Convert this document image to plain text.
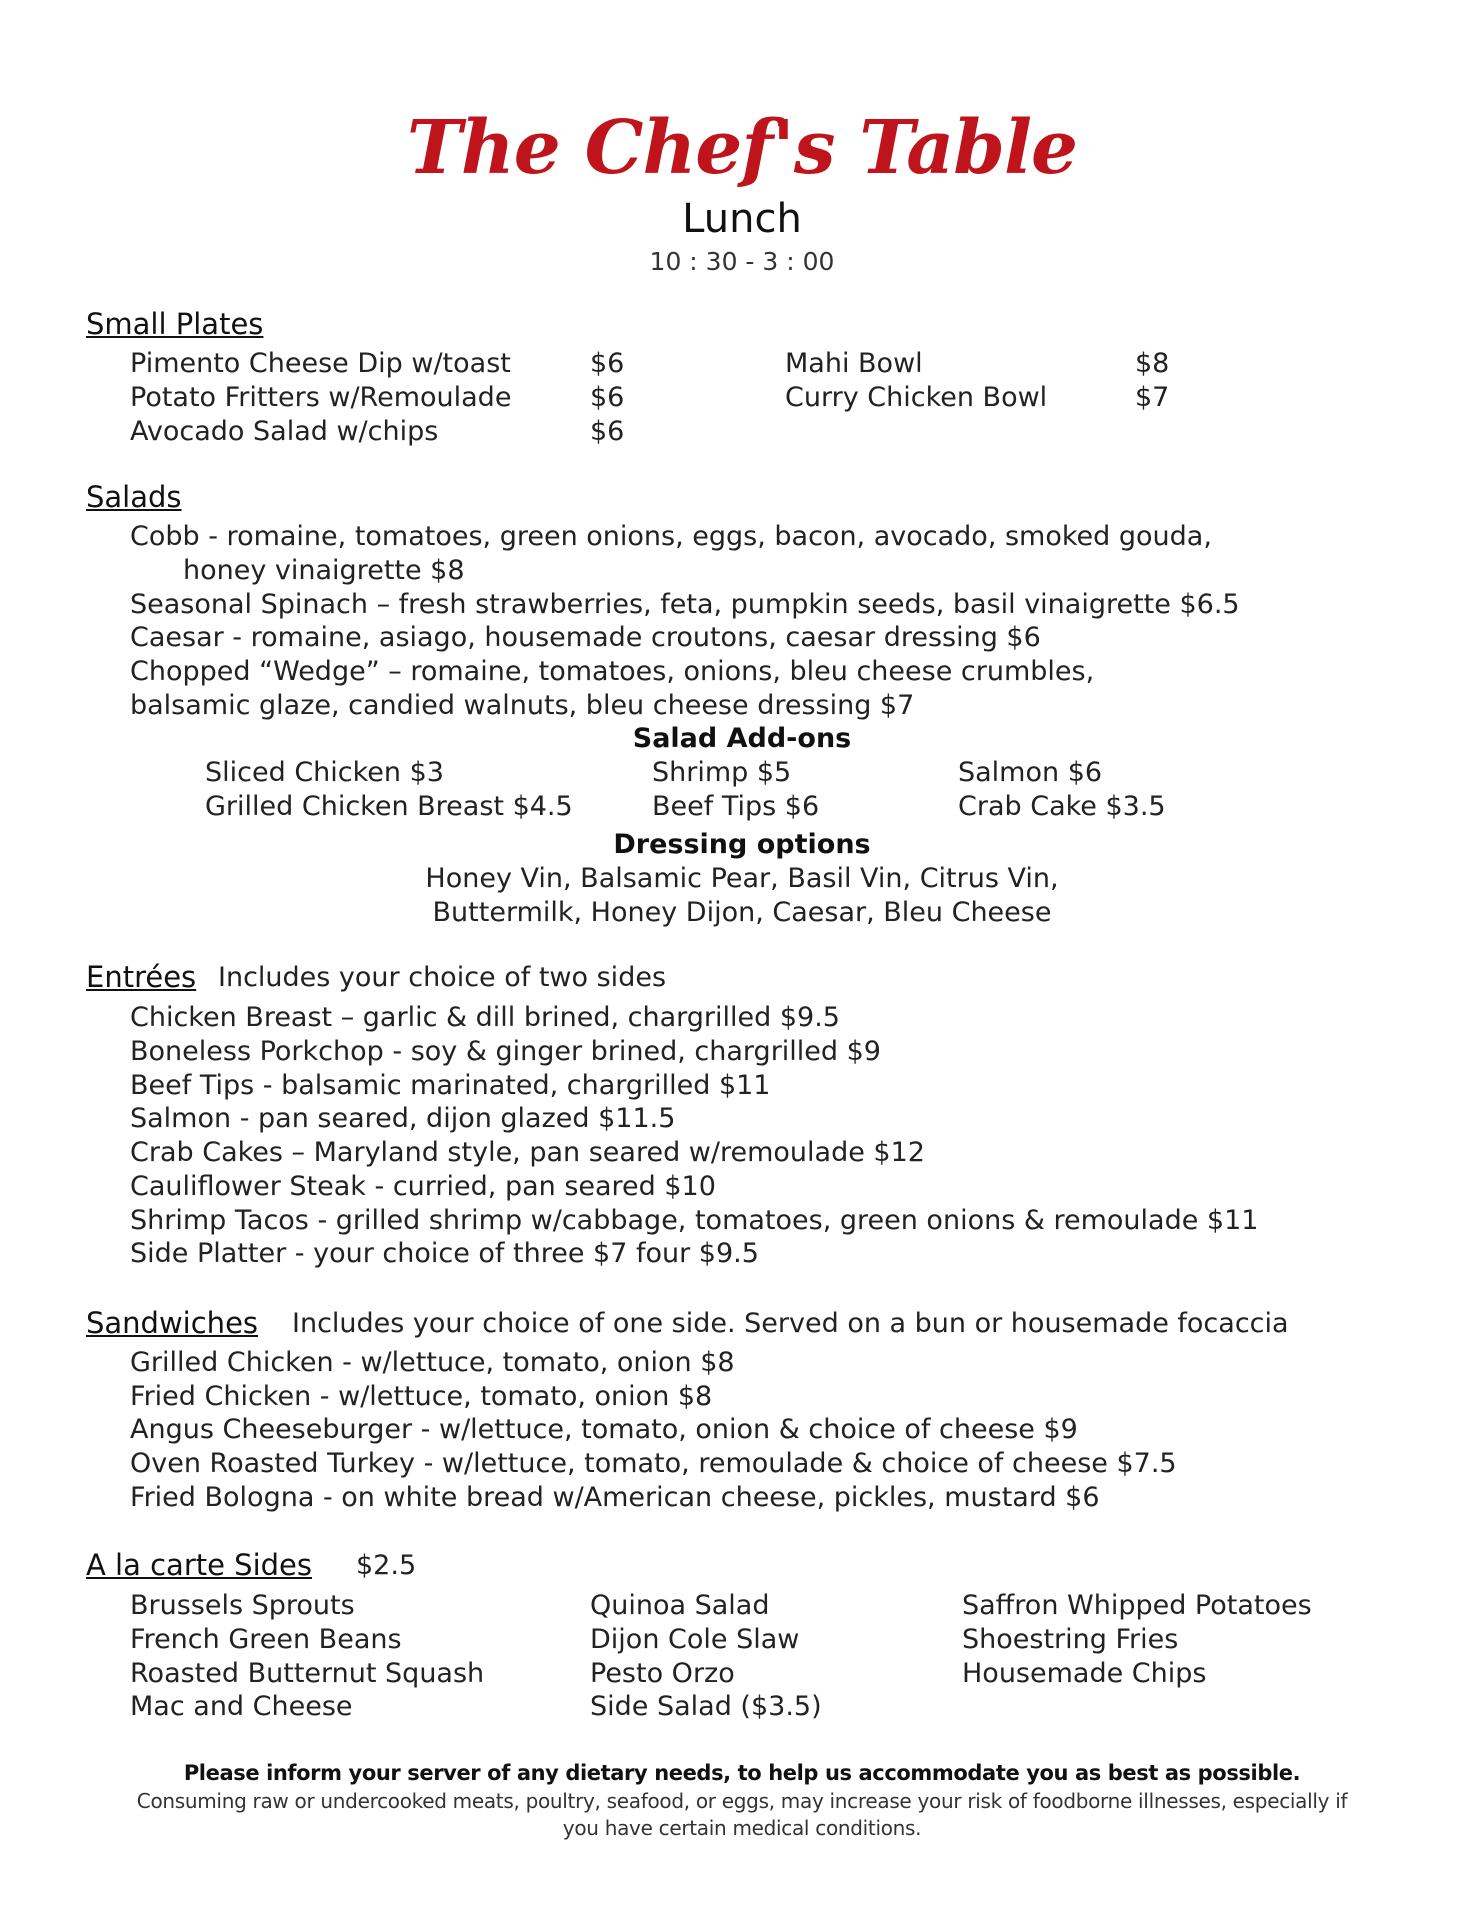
The Chef's Table
Lunch
10 : 30 - 3 : 00
Small Plates
Pimento Cheese Dip w/toast	$6
Potato Fritters w/Remoulade	$6
Avocado Salad w/chips	$6
Mahi Bowl	$8
Curry Chicken Bowl	$7
Salads
Cobb - romaine, tomatoes, green onions, eggs, bacon, avocado, smoked gouda,
honey vinaigrette $8
Seasonal Spinach – fresh strawberries, feta, pumpkin seeds, basil vinaigrette $6.5
Caesar - romaine, asiago, housemade croutons, caesar dressing $6
Chopped “Wedge” – romaine, tomatoes, onions, bleu cheese crumbles,
balsamic glaze, candied walnuts, bleu cheese dressing $7
Salad Add-ons
Sliced Chicken $3	Shrimp $5	Salmon $6
Grilled Chicken Breast $4.5	Beef Tips $6	Crab Cake $3.5
Dressing options
Honey Vin, Balsamic Pear, Basil Vin, Citrus Vin,
Buttermilk, Honey Dijon, Caesar, Bleu Cheese
Entrées Includes your choice of two sides
Chicken Breast – garlic & dill brined, chargrilled $9.5
Boneless Porkchop - soy & ginger brined, chargrilled $9
Beef Tips - balsamic marinated, chargrilled $11
Salmon - pan seared, dijon glazed $11.5
Crab Cakes – Maryland style, pan seared w/remoulade $12
Cauliflower Steak - curried, pan seared $10
Shrimp Tacos - grilled shrimp w/cabbage, tomatoes, green onions & remoulade $11
Side Platter - your choice of three $7 four $9.5
Sandwiches Includes your choice of one side. Served on a bun or housemade focaccia
Grilled Chicken - w/lettuce, tomato, onion $8
Fried Chicken - w/lettuce, tomato, onion $8
Angus Cheeseburger - w/lettuce, tomato, onion & choice of cheese $9
Oven Roasted Turkey - w/lettuce, tomato, remoulade & choice of cheese $7.5
Fried Bologna - on white bread w/American cheese, pickles, mustard $6
A la carte Sides $2.5
Brussels Sprouts
French Green Beans
Roasted Butternut Squash
Mac and Cheese
Quinoa Salad
Dijon Cole Slaw
Pesto Orzo
Side Salad ($3.5)
Saffron Whipped Potatoes
Shoestring Fries
Housemade Chips
Please inform your server of any dietary needs, to help us accommodate you as best as possible.
Consuming raw or undercooked meats, poultry, seafood, or eggs, may increase your risk of foodborne illnesses, especially if
you have certain medical conditions.
